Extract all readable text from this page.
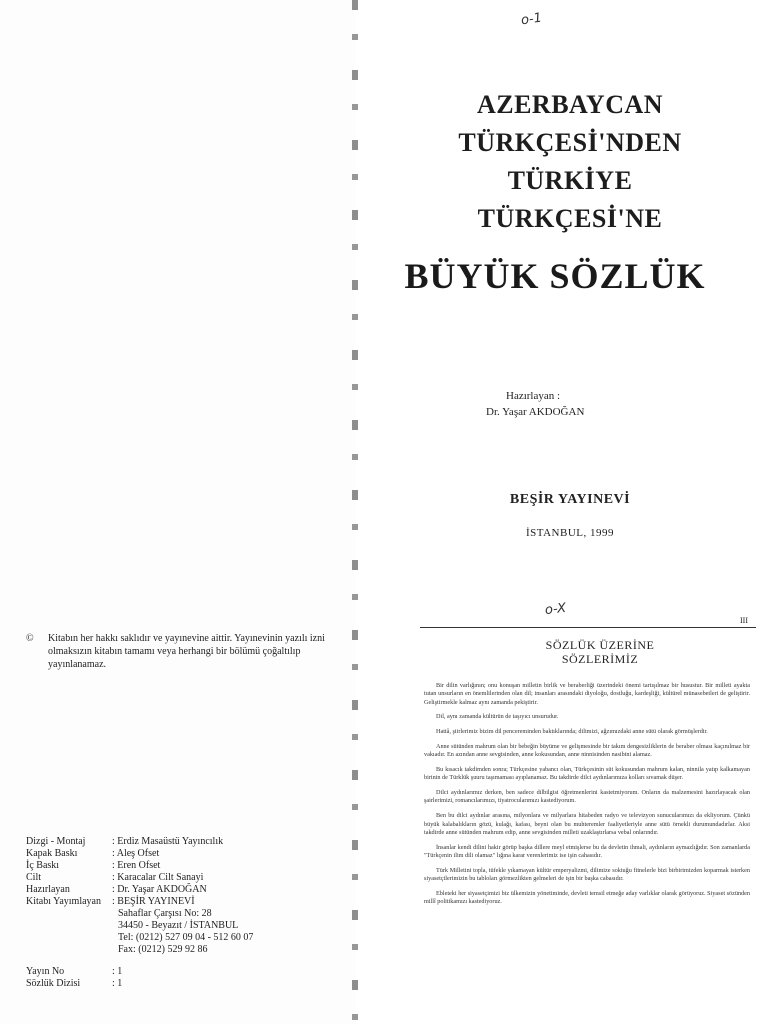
o-1
o-X
AZERBAYCAN
TÜRKÇESİ'NDEN
TÜRKİYE
TÜRKÇESİ'NE
BÜYÜK SÖZLÜK
Hazırlayan :
Dr. Yaşar AKDOĞAN
BEŞİR YAYINEVİ
İSTANBUL, 1999
©	Kitabın her hakkı saklıdır ve yayınevine aittir. Yayınevinin yazılı izni olmaksızın kitabın tamamı veya herhangi bir bölümü çoğaltılıp yayınlanamaz.
Dizgi - Montaj	: Erdiz Masaüstü Yayıncılık
Kapak Baskı	: Aleş Ofset
İç Baskı	: Eren Ofset
Cilt	: Karacalar Cilt Sanayi
Hazırlayan	: Dr. Yaşar AKDOĞAN
Kitabı Yayımlayan	: BEŞİR YAYINEVİ
Sahaflar Çarşısı No: 28
34450 - Beyazıt / İSTANBUL
Tel: (0212) 527 09 04 - 512 60 07
Fax: (0212) 529 92 86
Yayın No	: 1
Sözlük Dizisi	: 1
III
SÖZLÜK ÜZERİNE
SÖZLERİMİZ

Bir dilin varlığının; onu konuşan milletin birlik ve beraberliği üzerindeki önemi tartışılmaz bir husustur. Bir milleti ayakta tutan unsurların en önemlilerinden olan dil; insanları arasındaki diyoloğu, dostluğu, kardeşliği, kültürel münasebetleri de geliştirir. Geliştirmekle kalmaz aynı zamanda pekiştirir.

Dil, aynı zamanda kültürün de taşıyıcı unsurudur.

Hattâ, şiirlerimiz bizim dil pencereminden baktıklarında; dilimizi, ağzımızdaki anne sütü olarak görmüşlerdir.

Anne sütünden mahrum olan bir bebeğin büyüme ve gelişmesinde bir takım dengesizliklerin de beraber olması kaçınılmaz bir vakıadır. En azından anne sevgisinden, anne kokusundan, anne ninnisinden nasibini alamaz.

Bu kısacık takdimden sonra; Türkçesine yabancı olan, Türkçesinin süt kokusundan mahrum kalan, ninnila yatıp kalkamayan birinin de Türklük şuuru taşımaması ayıplanamaz. Bu takdirde dilci aydınlarımıza kolları sıvamak düşer.

Dilci aydınlarımız derken, ben sadece dilbilgisi öğretmenlerini kastetmiyorum. Onların da malzemesini hazırlayacak olan şairlerimizi, romancılarımızı, tiyatrocularımızı kastediyorum.

Ben bu dilci aydınlar arasına, milyonlara ve milyarlara hitabeden radyo ve televizyon sunucularımızı da ekliyorum. Çünkü büyük kalabalıkların gözü, kulağı, kafası, beyni olan bu muhteremler faaliyetleriyle anne sütü örnekli durumundadırlar. Aksi takdirde anne sütünden mahrum edip, anne sevgisinden milleti uzaklaştırlarsa vebal onlarındır.

İnsanlar kendi dilini hakir görüp başka dillere meyl etmişlerse bu da devletin ihmali, aydınların aymazlığıdır. Son zamanlarda "Türkçenin ilim dili olamaz" lığına karar verenlerimiz ise işin cahasıdır.

Türk Milletini topla, tüfekle yıkamayan kültür emperyalizmi, dilimize soktuğu fitnelerle bizi birbirimizden koparmak isterken siyasetçilerimizin bu tabloları görmezlikten gelmeleri de işin bir başka cabasıdır.

Ebleteki her siyasetçimizi biz ülkemizin yönetiminde, devleti temsil etmeğe aday varlıklar olarak görüyoruz. Siyaset sözünden millî politikamızı kastediyoruz.
